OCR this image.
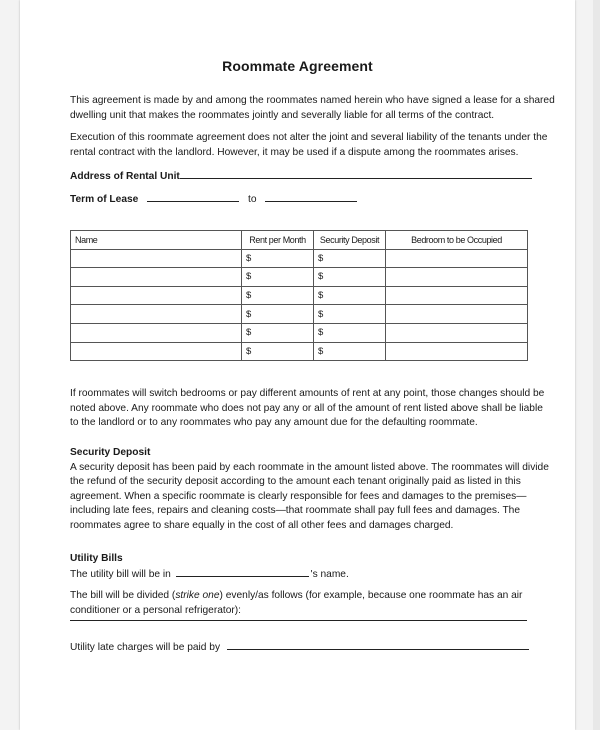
Roommate Agreement
This agreement is made by and among the roommates named herein who have signed a lease for a shared
dwelling unit that makes the roommates jointly and severally liable for all terms of the contract.
Execution of this roommate agreement does not alter the joint and several liability of the tenants under the
rental contract with the landlord. However, it may be used if a dispute among the roommates arises.
Address of Rental Unit
Term of Lease	to
Name	Rent per Month	Security Deposit	Bedroom to be Occupied
	$	$	
	$	$	
	$	$	
	$	$	
	$	$	
	$	$	
If roommates will switch bedrooms or pay different amounts of rent at any point, those changes should be
noted above. Any roommate who does not pay any or all of the amount of rent listed above shall be liable
to the landlord or to any roommates who pay any amount due for the defaulting roommate.
Security Deposit
A security deposit has been paid by each roommate in the amount listed above. The roommates will divide
the refund of the security deposit according to the amount each tenant originally paid as listed in this
agreement. When a specific roommate is clearly responsible for fees and damages to the premises—
including late fees, repairs and cleaning costs—that roommate shall pay full fees and damages. The
roommates agree to share equally in the cost of all other fees and damages charged.
Utility Bills
The utility bill will be in	's name.
The bill will be divided (strike one) evenly/as follows (for example, because one roommate has an air
conditioner or a personal refrigerator):
Utility late charges will be paid by
